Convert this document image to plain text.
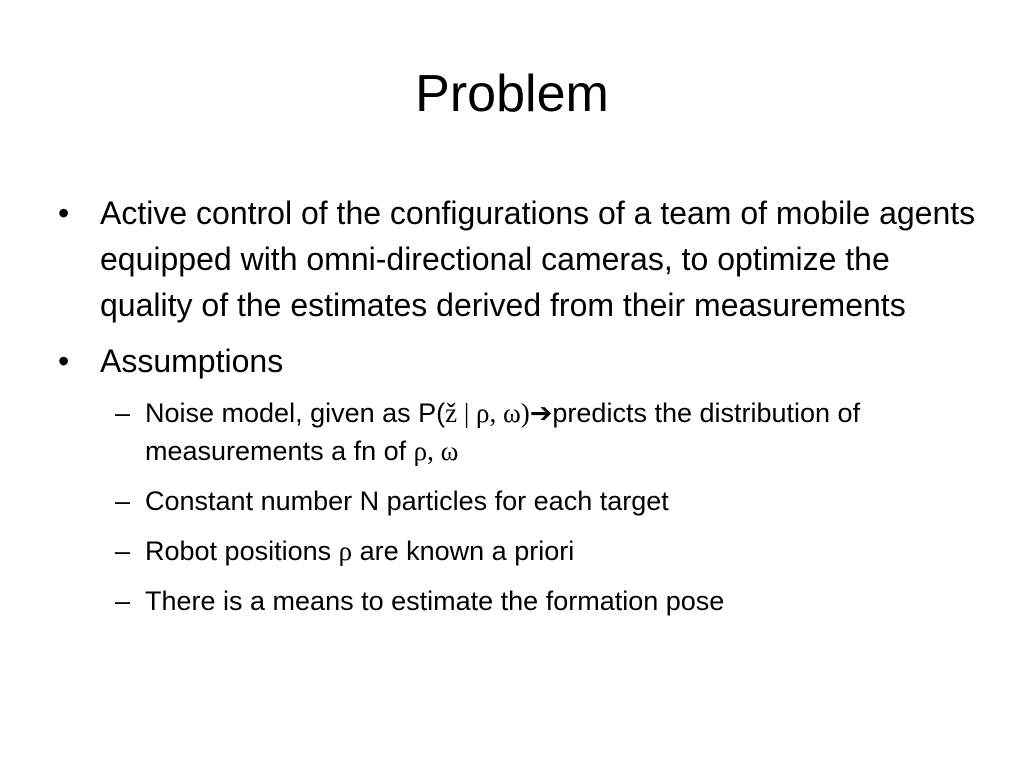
Problem
• Active control of the configurations of a team of mobile agents equipped with omni-directional cameras, to optimize the quality of the estimates derived from their measurements
• Assumptions
– Noise model, given as P(ž | ρ, ω)➔predicts the distribution of measurements a fn of ρ, ω
– Constant number N particles for each target
– Robot positions ρ are known a priori
– There is a means to estimate the formation pose
